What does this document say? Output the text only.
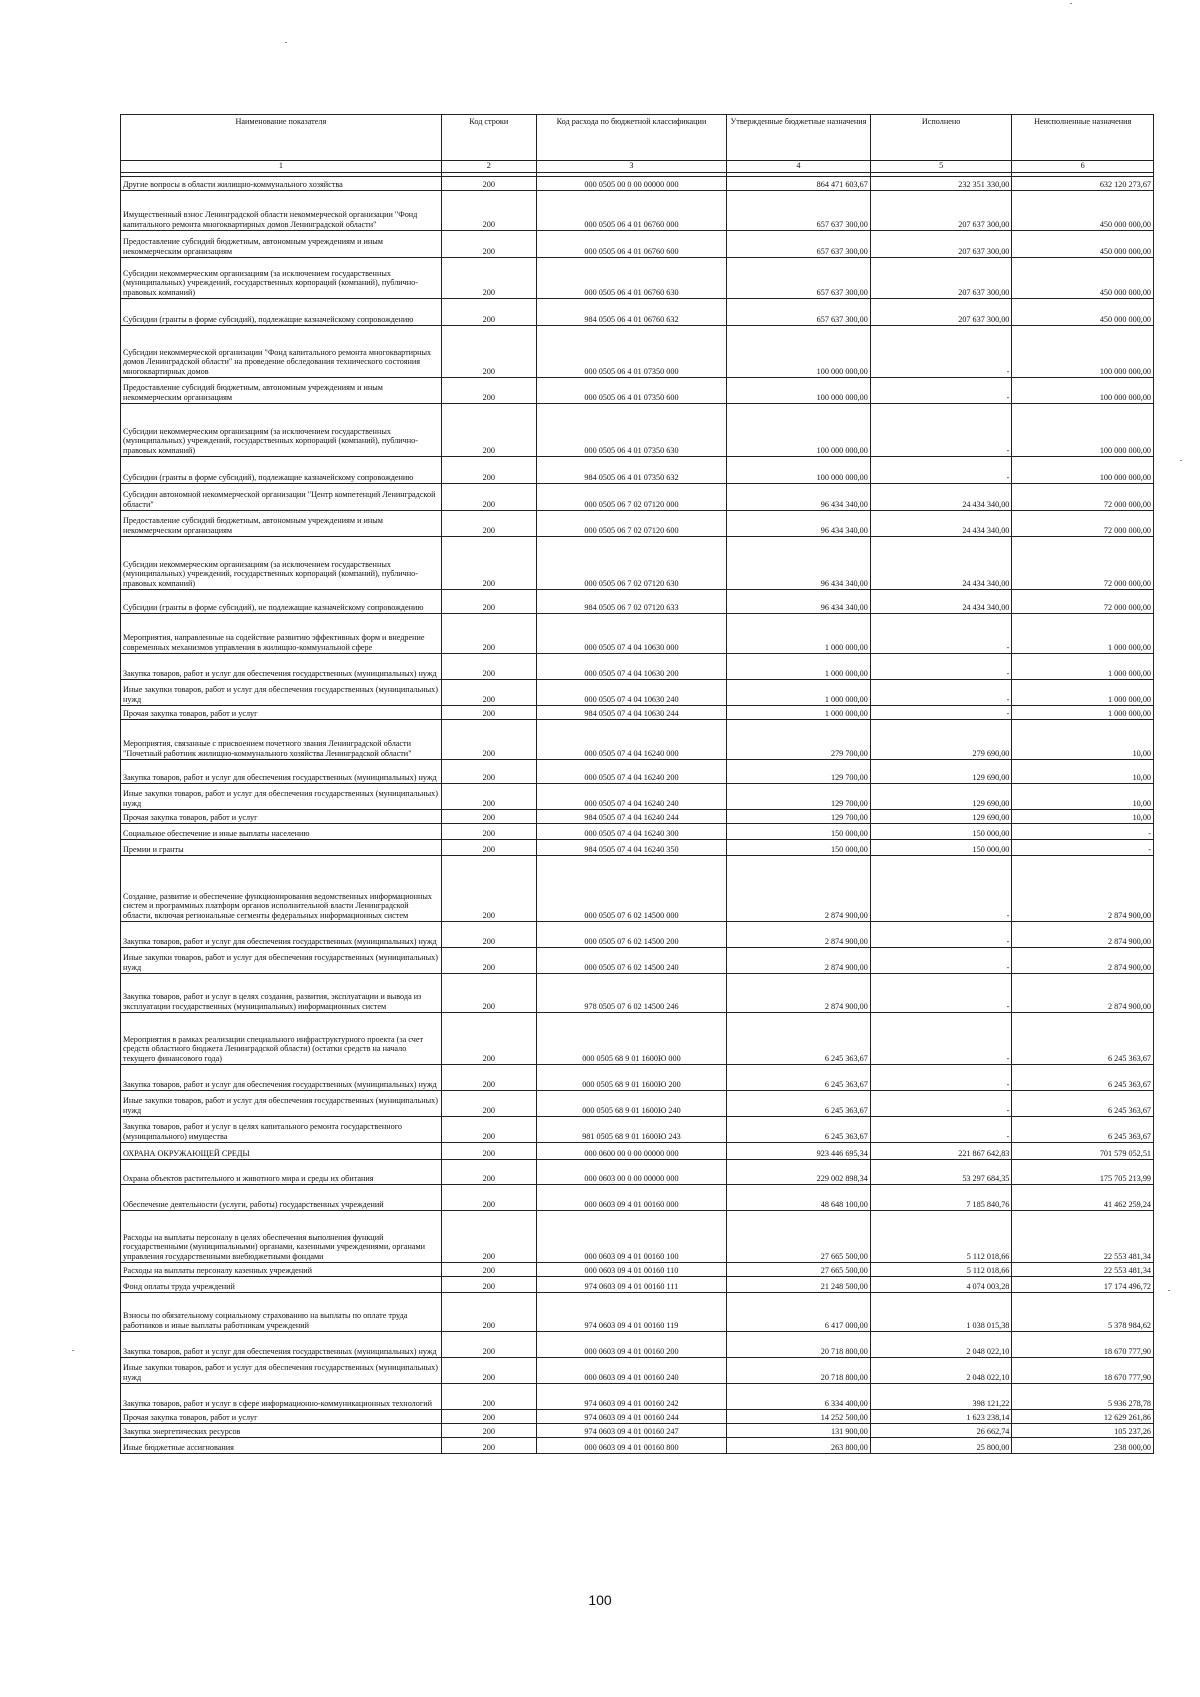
Наименование показателя	Код строки	Код расхода по бюджетной классификации	Утвержденные бюджетные назначения	Исполнено	Неисполненные назначения
1	2	3	4	5	6

Другие вопросы в области жилищно-коммунального хозяйства	200	000 0505 00 0 00 00000 000	864 471 603,67	232 351 330,00	632 120 273,67
Имущественный взнос Ленинградской области некоммерческой организации "Фонд капитального ремонта многоквартирных домов Ленинградской области"	200	000 0505 06 4 01 06760 000	657 637 300,00	207 637 300,00	450 000 000,00
Предоставление субсидий бюджетным, автономным учреждениям и иным некоммерческим организациям	200	000 0505 06 4 01 06760 600	657 637 300,00	207 637 300,00	450 000 000,00
Субсидии некоммерческим организациям (за исключением государственных (муниципальных) учреждений, государственных корпораций (компаний), публично-правовых компаний)	200	000 0505 06 4 01 06760 630	657 637 300,00	207 637 300,00	450 000 000,00
Субсидии (гранты в форме субсидий), подлежащие казначейскому сопровождению	200	984 0505 06 4 01 06760 632	657 637 300,00	207 637 300,00	450 000 000,00
Субсидии некоммерческой организации "Фонд капитального ремонта многоквартирных домов Ленинградской области" на проведение обследования технического состояния многоквартирных домов	200	000 0505 06 4 01 07350 000	100 000 000,00	-	100 000 000,00
Предоставление субсидий бюджетным, автономным учреждениям и иным некоммерческим организациям	200	000 0505 06 4 01 07350 600	100 000 000,00	-	100 000 000,00
Субсидии некоммерческим организациям (за исключением государственных (муниципальных) учреждений, государственных корпораций (компаний), публично-правовых компаний)	200	000 0505 06 4 01 07350 630	100 000 000,00	-	100 000 000,00
Субсидии (гранты в форме субсидий), подлежащие казначейскому сопровождению	200	984 0505 06 4 01 07350 632	100 000 000,00	-	100 000 000,00
Субсидии автономной некоммерческой организации "Центр компетенций Ленинградской области"	200	000 0505 06 7 02 07120 000	96 434 340,00	24 434 340,00	72 000 000,00
Предоставление субсидий бюджетным, автономным учреждениям и иным некоммерческим организациям	200	000 0505 06 7 02 07120 600	96 434 340,00	24 434 340,00	72 000 000,00
Субсидии некоммерческим организациям (за исключением государственных (муниципальных) учреждений, государственных корпораций (компаний), публично-правовых компаний)	200	000 0505 06 7 02 07120 630	96 434 340,00	24 434 340,00	72 000 000,00
Субсидии (гранты в форме субсидий), не подлежащие казначейскому сопровождению	200	984 0505 06 7 02 07120 633	96 434 340,00	24 434 340,00	72 000 000,00
Мероприятия, направленные на содействие развитию эффективных форм и внедрение современных механизмов управления в жилищно-коммунальной сфере	200	000 0505 07 4 04 10630 000	1 000 000,00	-	1 000 000,00
Закупка товаров, работ и услуг для обеспечения государственных (муниципальных) нужд	200	000 0505 07 4 04 10630 200	1 000 000,00	-	1 000 000,00
Иные закупки товаров, работ и услуг для обеспечения государственных (муниципальных) нужд	200	000 0505 07 4 04 10630 240	1 000 000,00	-	1 000 000,00
Прочая закупка товаров, работ и услуг	200	984 0505 07 4 04 10630 244	1 000 000,00	-	1 000 000,00
Мероприятия, связанные с присвоением почетного звания Ленинградской области "Почетный работник жилищно-коммунального хозяйства Ленинградской области"	200	000 0505 07 4 04 16240 000	279 700,00	279 690,00	10,00
Закупка товаров, работ и услуг для обеспечения государственных (муниципальных) нужд	200	000 0505 07 4 04 16240 200	129 700,00	129 690,00	10,00
Иные закупки товаров, работ и услуг для обеспечения государственных (муниципальных) нужд	200	000 0505 07 4 04 16240 240	129 700,00	129 690,00	10,00
Прочая закупка товаров, работ и услуг	200	984 0505 07 4 04 16240 244	129 700,00	129 690,00	10,00
Социальное обеспечение и иные выплаты населению	200	000 0505 07 4 04 16240 300	150 000,00	150 000,00	-
Премии и гранты	200	984 0505 07 4 04 16240 350	150 000,00	150 000,00	-
Создание, развитие и обеспечение функционирования ведомственных информационных систем и программных платформ органов исполнительной власти Ленинградской области, включая региональные сегменты федеральных информационных систем	200	000 0505 07 6 02 14500 000	2 874 900,00	-	2 874 900,00
Закупка товаров, работ и услуг для обеспечения государственных (муниципальных) нужд	200	000 0505 07 6 02 14500 200	2 874 900,00	-	2 874 900,00
Иные закупки товаров, работ и услуг для обеспечения государственных (муниципальных) нужд	200	000 0505 07 6 02 14500 240	2 874 900,00	-	2 874 900,00
Закупка товаров, работ и услуг в целях создания, развития, эксплуатации и вывода из эксплуатации государственных (муниципальных) информационных систем	200	978 0505 07 6 02 14500 246	2 874 900,00	-	2 874 900,00
Мероприятия в рамках реализации специального инфраструктурного проекта (за счет средств областного бюджета Ленинградской области) (остатки средств на начало текущего финансового года)	200	000 0505 68 9 01 1600Ю 000	6 245 363,67	-	6 245 363,67
Закупка товаров, работ и услуг для обеспечения государственных (муниципальных) нужд	200	000 0505 68 9 01 1600Ю 200	6 245 363,67	-	6 245 363,67
Иные закупки товаров, работ и услуг для обеспечения государственных (муниципальных) нужд	200	000 0505 68 9 01 1600Ю 240	6 245 363,67	-	6 245 363,67
Закупка товаров, работ и услуг в целях капитального ремонта государственного (муниципального) имущества	200	981 0505 68 9 01 1600Ю 243	6 245 363,67	-	6 245 363,67
ОХРАНА ОКРУЖАЮЩЕЙ СРЕДЫ	200	000 0600 00 0 00 00000 000	923 446 695,34	221 867 642,83	701 579 052,51
Охрана объектов растительного и животного мира и среды их обитания	200	000 0603 00 0 00 00000 000	229 002 898,34	53 297 684,35	175 705 213,99
Обеспечение деятельности (услуги, работы) государственных учреждений	200	000 0603 09 4 01 00160 000	48 648 100,00	7 185 840,76	41 462 259,24
Расходы на выплаты персоналу в целях обеспечения выполнения функций государственными (муниципальными) органами, казенными учреждениями, органами управления государственными внебюджетными фондами	200	000 0603 09 4 01 00160 100	27 665 500,00	5 112 018,66	22 553 481,34
Расходы на выплаты персоналу казенных учреждений	200	000 0603 09 4 01 00160 110	27 665 500,00	5 112 018,66	22 553 481,34
Фонд оплаты труда учреждений	200	974 0603 09 4 01 00160 111	21 248 500,00	4 074 003,28	17 174 496,72
Взносы по обязательному социальному страхованию на выплаты по оплате труда работников и иные выплаты работникам учреждений	200	974 0603 09 4 01 00160 119	6 417 000,00	1 038 015,38	5 378 984,62
Закупка товаров, работ и услуг для обеспечения государственных (муниципальных) нужд	200	000 0603 09 4 01 00160 200	20 718 800,00	2 048 022,10	18 670 777,90
Иные закупки товаров, работ и услуг для обеспечения государственных (муниципальных) нужд	200	000 0603 09 4 01 00160 240	20 718 800,00	2 048 022,10	18 670 777,90
Закупка товаров, работ и услуг в сфере информационно-коммуникационных технологий	200	974 0603 09 4 01 00160 242	6 334 400,00	398 121,22	5 936 278,78
Прочая закупка товаров, работ и услуг	200	974 0603 09 4 01 00160 244	14 252 500,00	1 623 238,14	12 629 261,86
Закупка энергетических ресурсов	200	974 0603 09 4 01 00160 247	131 900,00	26 662,74	105 237,26
Иные бюджетные ассигнования	200	000 0603 09 4 01 00160 800	263 800,00	25 800,00	238 000,00
100
